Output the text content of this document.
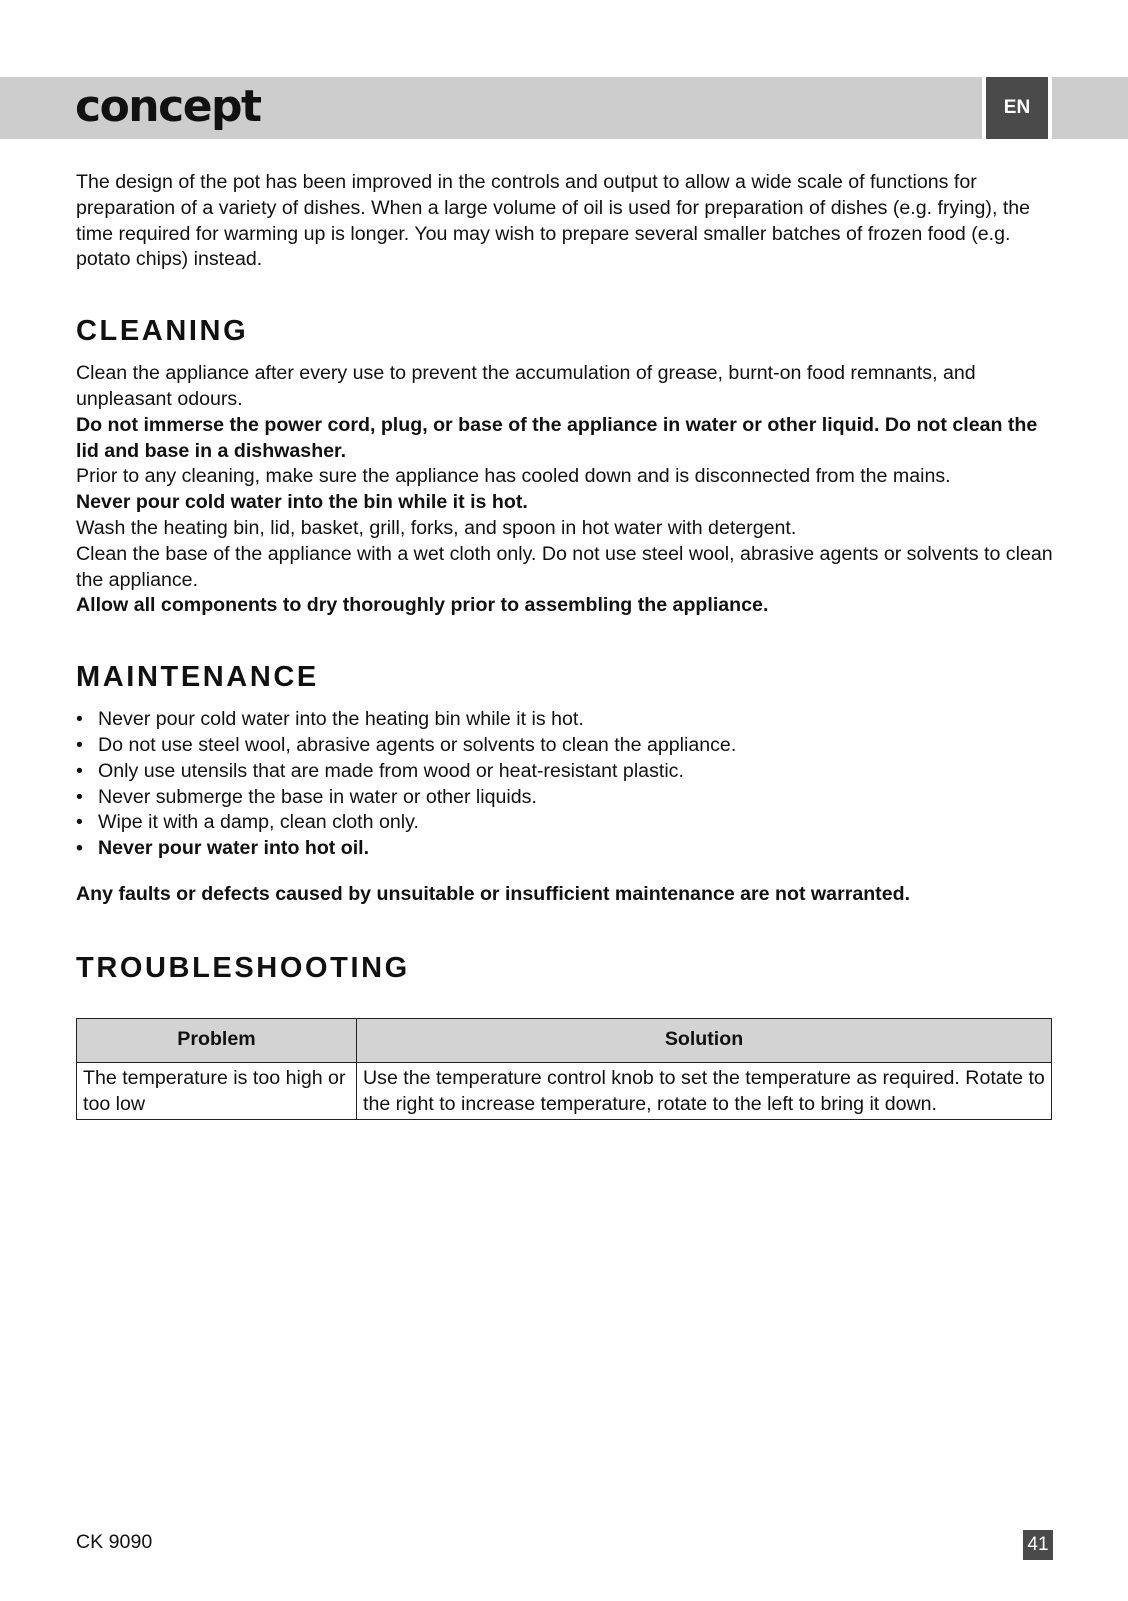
concept	EN

The design of the pot has been improved in the controls and output to allow a wide scale of functions for preparation of a variety of dishes. When a large volume of oil is used for preparation of dishes (e.g. frying), the time required for warming up is longer. You may wish to prepare several smaller batches of frozen food (e.g. potato chips) instead.

CLEANING

Clean the appliance after every use to prevent the accumulation of grease, burnt-on food remnants, and unpleasant odours.

Do not immerse the power cord, plug, or base of the appliance in water or other liquid. Do not clean the lid and base in a dishwasher.

Prior to any cleaning, make sure the appliance has cooled down and is disconnected from the mains.

Never pour cold water into the bin while it is hot.

Wash the heating bin, lid, basket, grill, forks, and spoon in hot water with detergent.

Clean the base of the appliance with a wet cloth only. Do not use steel wool, abrasive agents or solvents to clean the appliance.

Allow all components to dry thoroughly prior to assembling the appliance.

MAINTENANCE
• Never pour cold water into the heating bin while it is hot.
• Do not use steel wool, abrasive agents or solvents to clean the appliance.
• Only use utensils that are made from wood or heat-resistant plastic.
• Never submerge the base in water or other liquids.
• Wipe it with a damp, clean cloth only.
• Never pour water into hot oil.

Any faults or defects caused by unsuitable or insufficient maintenance are not warranted.

TROUBLESHOOTING
Problem	Solution
The temperature is too high or too low	Use the temperature control knob to set the temperature as required. Rotate to the right to increase temperature, rotate to the left to bring it down.
CK 9090	41
